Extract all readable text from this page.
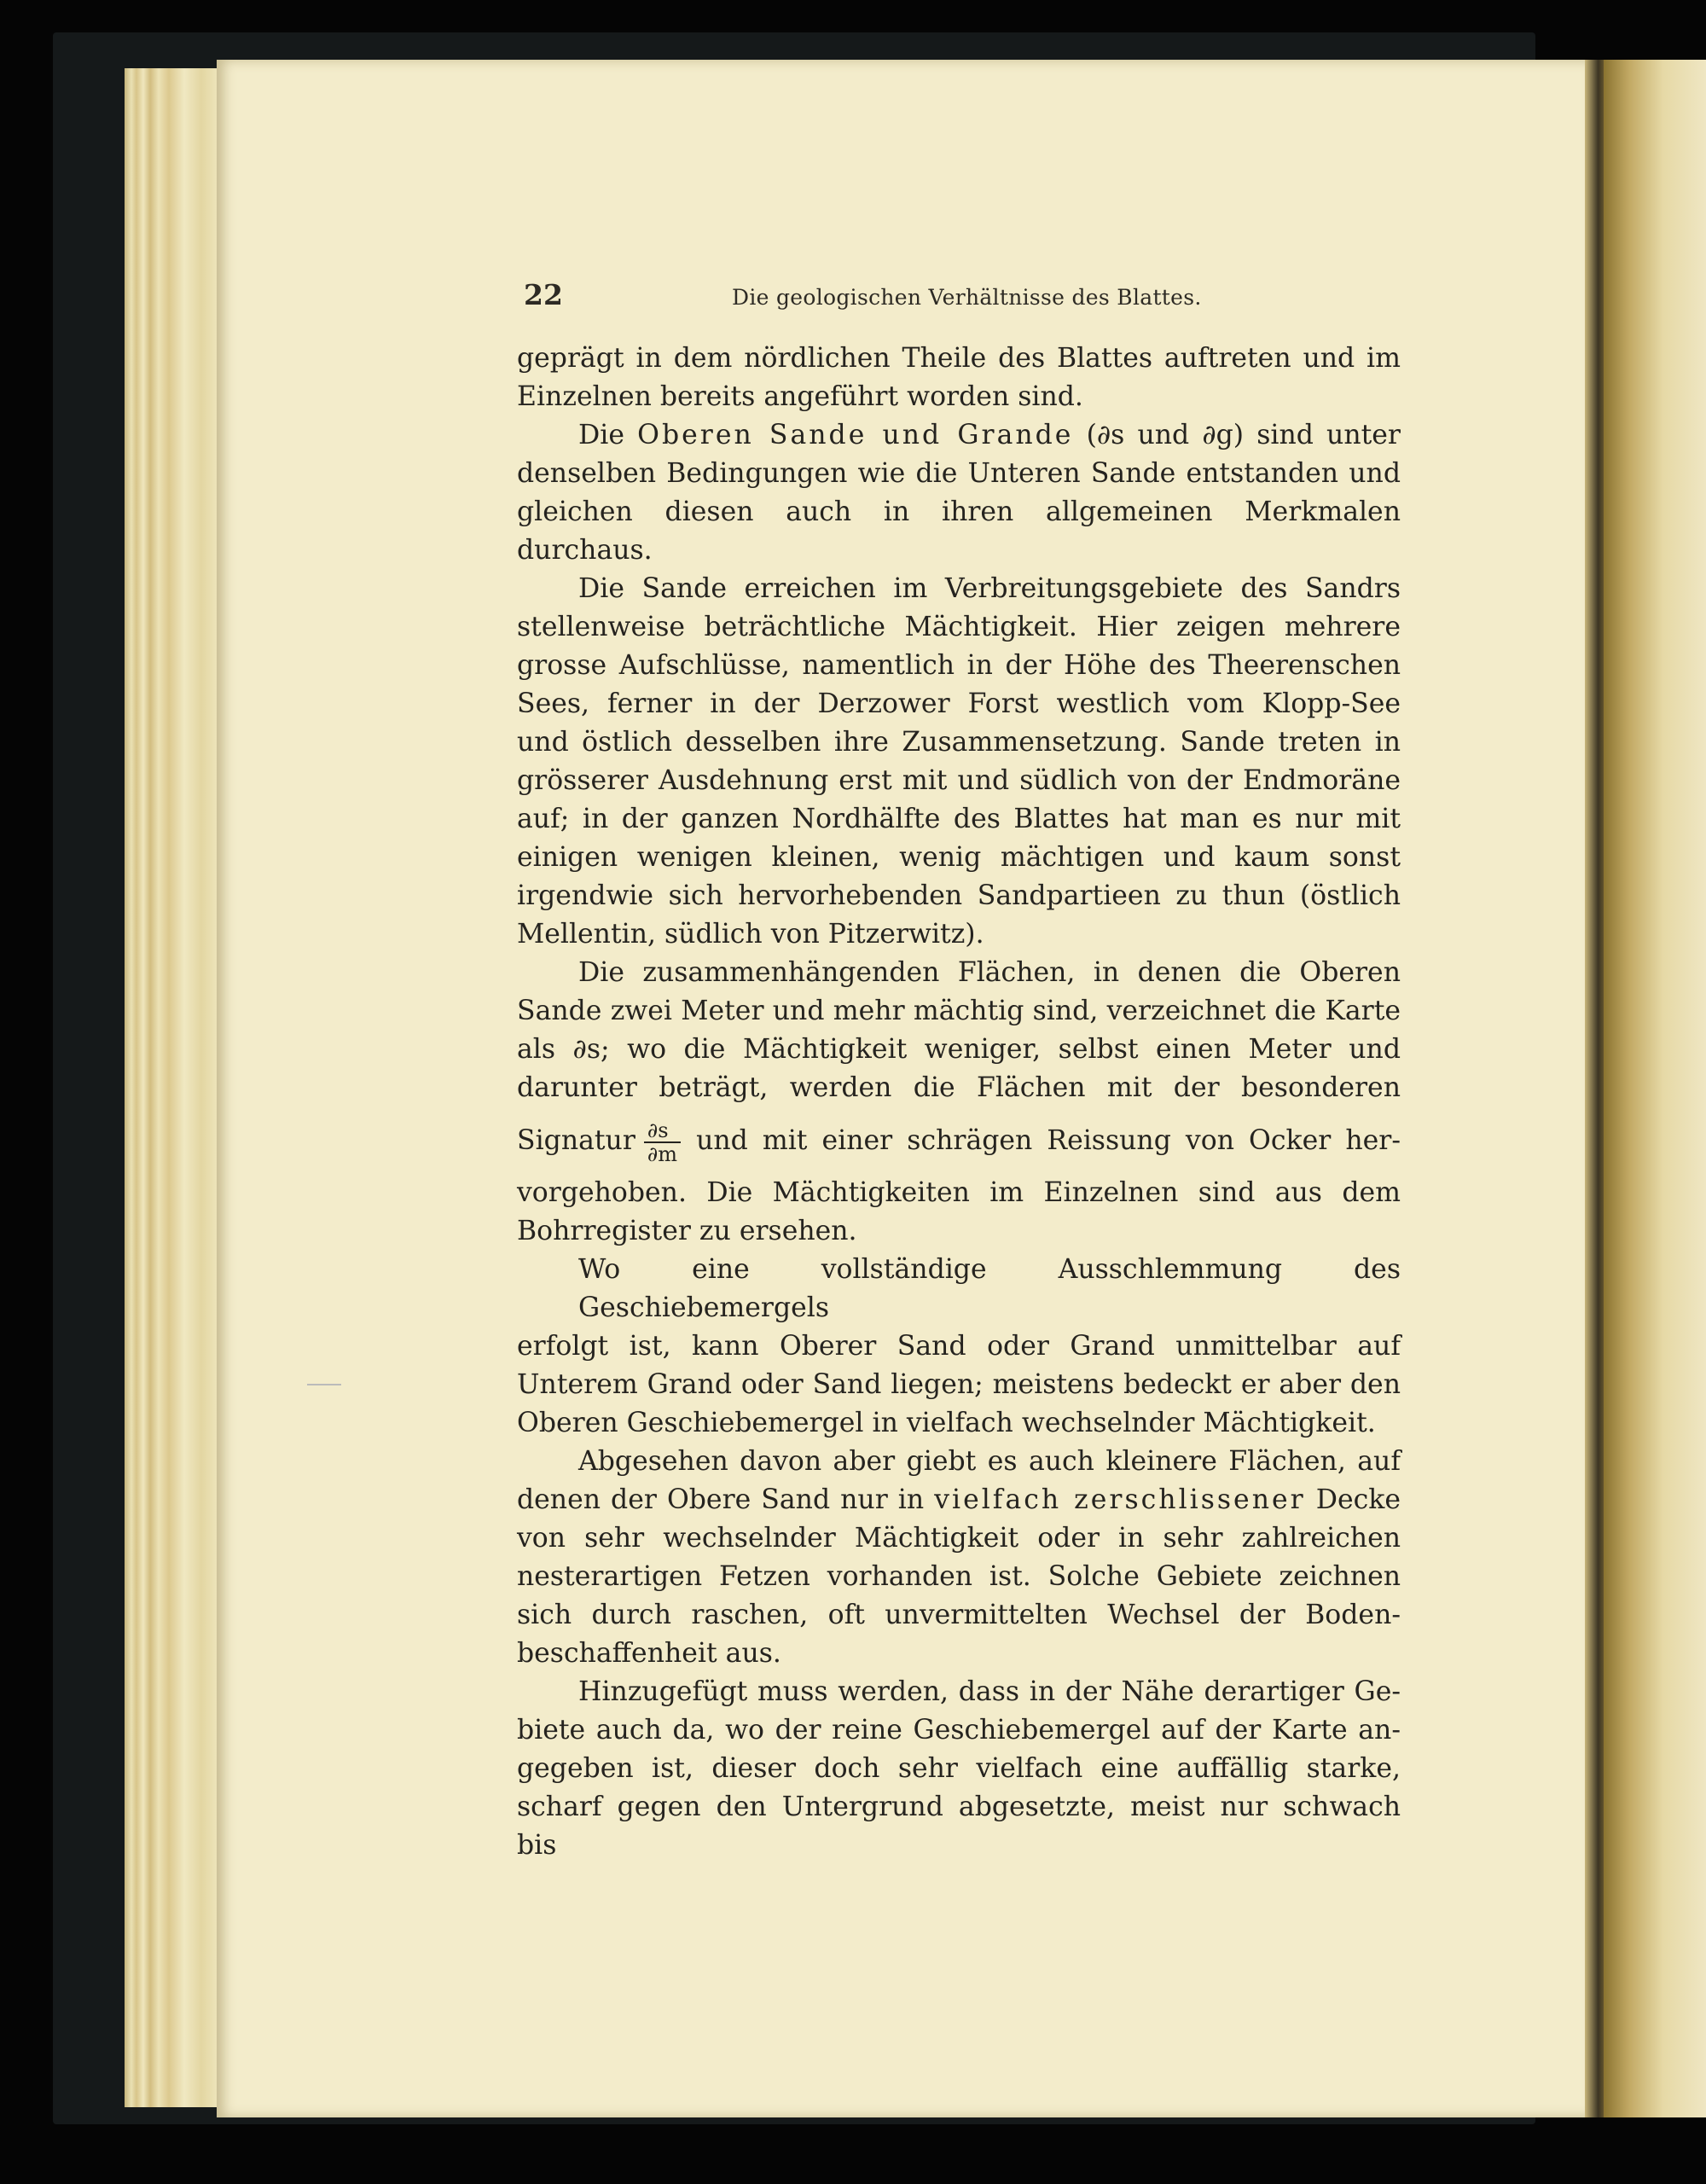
22	Die geologischen Verhältnisse des Blattes.
geprägt in dem nördlichen Theile des Blattes auftreten und im
Einzelnen bereits angeführt worden sind.
Die Oberen Sande und Grande (∂s und ∂g) sind unter
denselben Bedingungen wie die Unteren Sande entstanden und
gleichen diesen auch in ihren allgemeinen Merkmalen durchaus.
Die Sande erreichen im Verbreitungsgebiete des Sandrs
stellenweise beträchtliche Mächtigkeit. Hier zeigen mehrere
grosse Aufschlüsse, namentlich in der Höhe des Theerenschen
Sees, ferner in der Derzower Forst westlich vom Klopp-See
und östlich desselben ihre Zusammensetzung. Sande treten in
grösserer Ausdehnung erst mit und südlich von der Endmoräne
auf; in der ganzen Nordhälfte des Blattes hat man es nur mit
einigen wenigen kleinen, wenig mächtigen und kaum sonst
irgendwie sich hervorhebenden Sandpartieen zu thun (östlich
Mellentin, südlich von Pitzerwitz).
Die zusammenhängenden Flächen, in denen die Oberen
Sande zwei Meter und mehr mächtig sind, verzeichnet die Karte
als ∂s; wo die Mächtigkeit weniger, selbst einen Meter und
darunter beträgt, werden die Flächen mit der besonderen
Signatur $\frac{\partial s}{\partial m}$ und mit einer schrägen Reissung von Ocker her-
vorgehoben. Die Mächtigkeiten im Einzelnen sind aus dem
Bohrregister zu ersehen.
Wo eine vollständige Ausschlemmung des Geschiebemergels
erfolgt ist, kann Oberer Sand oder Grand unmittelbar auf
Unterem Grand oder Sand liegen; meistens bedeckt er aber den
Oberen Geschiebemergel in vielfach wechselnder Mächtigkeit.
Abgesehen davon aber giebt es auch kleinere Flächen, auf
denen der Obere Sand nur in vielfach zerschlissener Decke
von sehr wechselnder Mächtigkeit oder in sehr zahlreichen
nesterartigen Fetzen vorhanden ist. Solche Gebiete zeichnen
sich durch raschen, oft unvermittelten Wechsel der Boden-
beschaffenheit aus.
Hinzugefügt muss werden, dass in der Nähe derartiger Ge-
biete auch da, wo der reine Geschiebemergel auf der Karte an-
gegeben ist, dieser doch sehr vielfach eine auffällig starke,
scharf gegen den Untergrund abgesetzte, meist nur schwach bis
